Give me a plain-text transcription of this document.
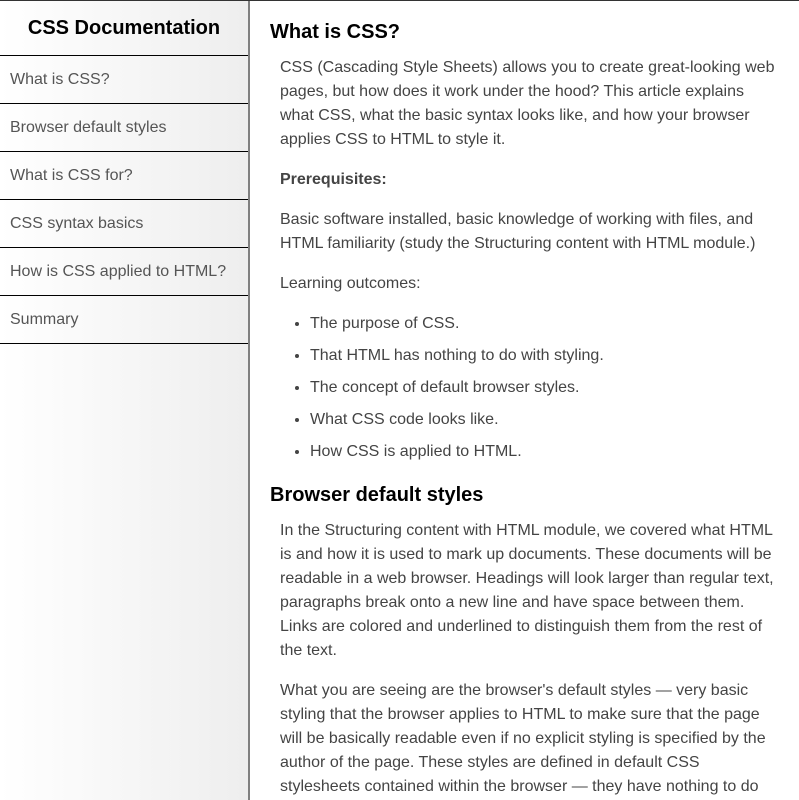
CSS Documentation
What is CSS?
Browser default styles
What is CSS for?
CSS syntax basics
How is CSS applied to HTML?
Summary
What is CSS?

CSS (Cascading Style Sheets) allows you to create great-looking web pages, but how does it work under the hood? This article explains what CSS, what the basic syntax looks like, and how your browser applies CSS to HTML to style it.

Prerequisites:

Basic software installed, basic knowledge of working with files, and HTML familiarity (study the Structuring content with HTML module.)

Learning outcomes:

• The purpose of CSS.
• That HTML has nothing to do with styling.
• The concept of default browser styles.
• What CSS code looks like.
• How CSS is applied to HTML.
Browser default styles

In the Structuring content with HTML module, we covered what HTML is and how it is used to mark up documents. These documents will be readable in a web browser. Headings will look larger than regular text, paragraphs break onto a new line and have space between them. Links are colored and underlined to distinguish them from the rest of the text.

What you are seeing are the browser's default styles — very basic styling that the browser applies to HTML to make sure that the page will be basically readable even if no explicit styling is specified by the author of the page. These styles are defined in default CSS stylesheets contained within the browser — they have nothing to do
